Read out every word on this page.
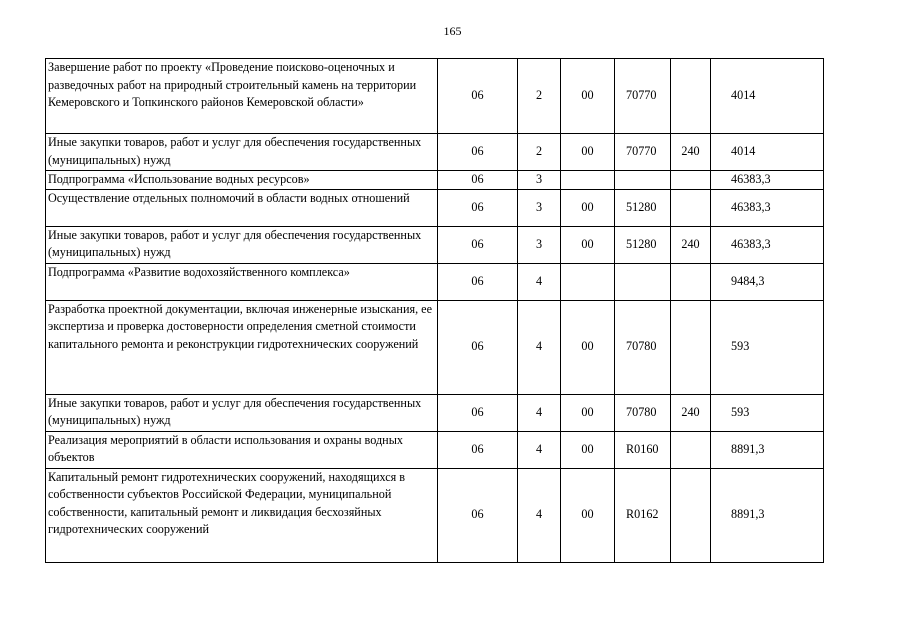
165
Завершение работ по проекту «Проведение поисково-оценочных и разведочных работ на природный строительный камень на территории Кемеровского и Топкинского районов Кемеровской области»	06	2	00	70770		4014
Иные закупки товаров, работ и услуг для обеспечения государственных (муниципальных) нужд	06	2	00	70770	240	4014
Подпрограмма «Использование водных ресурсов»	06	3				46383,3
Осуществление отдельных полномочий в области водных отношений	06	3	00	51280		46383,3
Иные закупки товаров, работ и услуг для обеспечения государственных (муниципальных) нужд	06	3	00	51280	240	46383,3
Подпрограмма «Развитие водохозяйственного комплекса»	06	4				9484,3
Разработка проектной документации, включая инженерные изыскания, ее экспертиза и проверка достоверности определения сметной стоимости капитального ремонта и реконструкции гидротехнических сооружений	06	4	00	70780		593
Иные закупки товаров, работ и услуг для обеспечения государственных (муниципальных) нужд	06	4	00	70780	240	593
Реализация мероприятий в области использования и охраны водных объектов	06	4	00	R0160		8891,3
Капитальный ремонт гидротехнических сооружений, находящихся в собственности субъектов Российской Федерации, муниципальной собственности, капитальный ремонт и ликвидация бесхозяйных гидротехнических сооружений	06	4	00	R0162		8891,3
